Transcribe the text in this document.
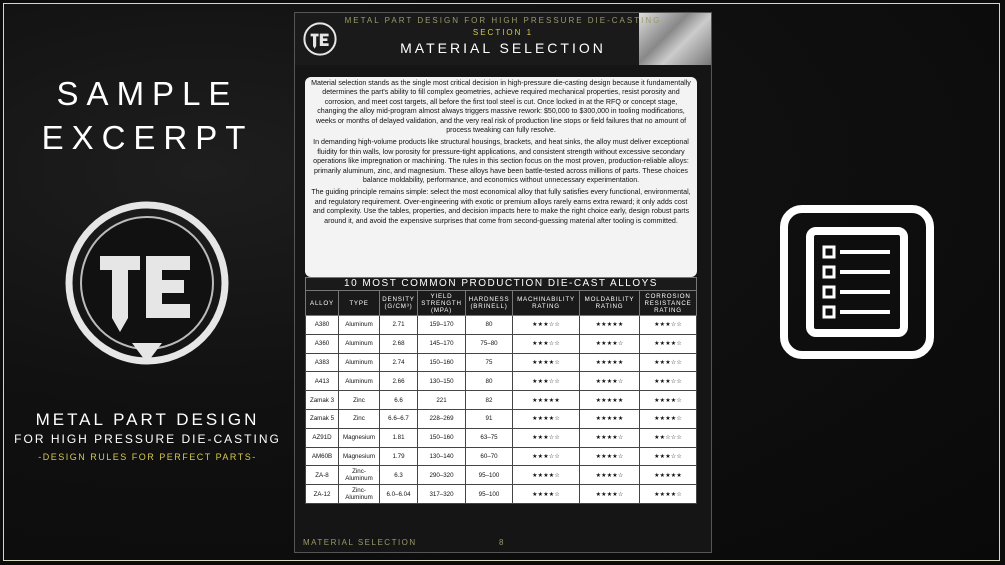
SAMPLE
EXCERPT
METAL PART DESIGN
FOR HIGH PRESSURE DIE-CASTING
-DESIGN RULES FOR PERFECT PARTS-
METAL PART DESIGN FOR HIGH PRESSURE DIE-CASTING
SECTION 1
MATERIAL SELECTION

Material selection stands as the single most critical decision in high-pressure die-casting design because it fundamentally determines the part's ability to fill complex geometries, achieve required mechanical properties, resist porosity and corrosion, and meet cost targets, all before the first tool steel is cut. Once locked in at the RFQ or concept stage, changing the alloy mid-program almost always triggers massive rework: $50,000 to $300,000 in tooling modifications, weeks or months of delayed validation, and the very real risk of production line stops or field failures that no amount of process tweaking can fully resolve.

In demanding high-volume products like structural housings, brackets, and heat sinks, the alloy must deliver exceptional fluidity for thin walls, low porosity for pressure-tight applications, and consistent strength without excessive secondary operations like impregnation or machining. The rules in this section focus on the most proven, production-reliable alloys: primarily aluminum, zinc, and magnesium. These alloys have been battle-tested across millions of parts. These choices balance moldability, performance, and economics without unnecessary experimentation.

The guiding principle remains simple: select the most economical alloy that fully satisfies every functional, environmental, and regulatory requirement. Over-engineering with exotic or premium alloys rarely earns extra reward; it only adds cost and complexity. Use the tables, properties, and decision impacts here to make the right choice early, design robust parts around it, and avoid the expensive surprises that come from second-guessing material after tooling is committed.

10 MOST COMMON PRODUCTION DIE-CAST ALLOYS
ALLOY	TYPE	DENSITY (G/CM³)	YIELD STRENGTH (MPA)	HARDNESS (BRINELL)	MACHINABILITY RATING	MOLDABILITY RATING	CORROSION RESISTANCE RATING
A380	Aluminum	2.71	159–170	80	★★★☆☆	★★★★★	★★★☆☆
A360	Aluminum	2.68	145–170	75–80	★★★☆☆	★★★★☆	★★★★☆
A383	Aluminum	2.74	150–160	75	★★★★☆	★★★★★	★★★☆☆
A413	Aluminum	2.66	130–150	80	★★★☆☆	★★★★☆	★★★☆☆
Zamak 3	Zinc	6.6	221	82	★★★★★	★★★★★	★★★★☆
Zamak 5	Zinc	6.6–6.7	228–269	91	★★★★☆	★★★★★	★★★★☆
AZ91D	Magnesium	1.81	150–160	63–75	★★★☆☆	★★★★☆	★★☆☆☆
AM60B	Magnesium	1.79	130–140	60–70	★★★☆☆	★★★★☆	★★★☆☆
ZA-8	Zinc-Aluminum	6.3	290–320	95–100	★★★★☆	★★★★☆	★★★★★
ZA-12	Zinc-Aluminum	6.0–6.04	317–320	95–100	★★★★☆	★★★★☆	★★★★☆
MATERIAL SELECTION	8
